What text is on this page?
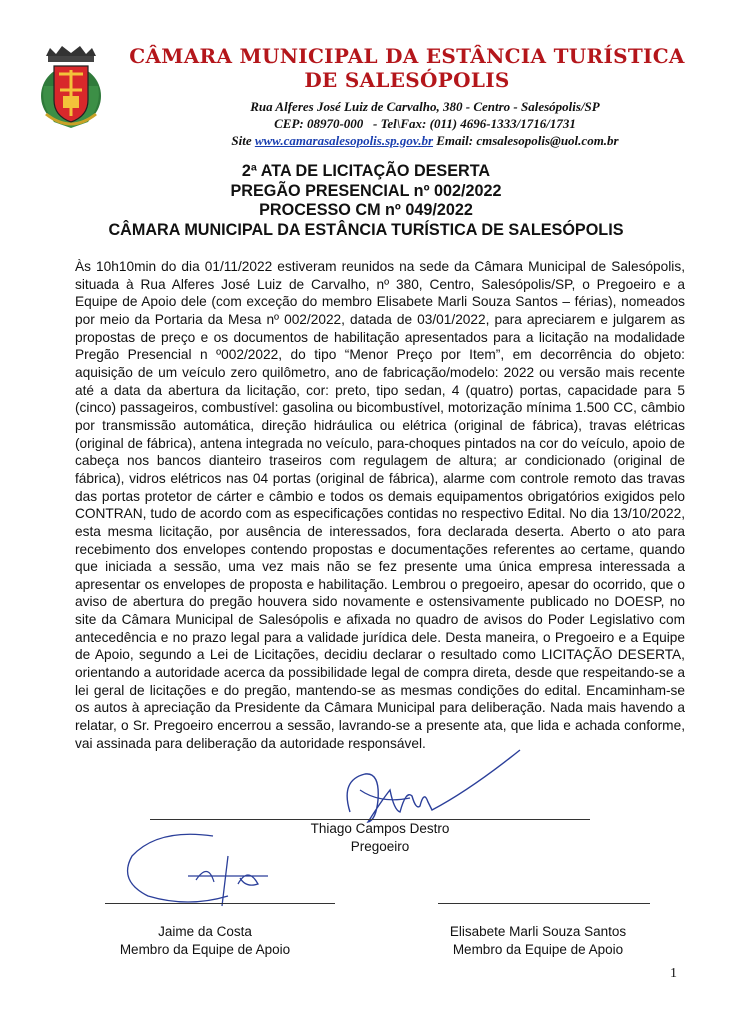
CÂMARA MUNICIPAL DA ESTÂNCIA TURÍSTICA
DE SALESÓPOLIS
Rua Alferes José Luiz de Carvalho, 380 - Centro - Salesópolis/SP
CEP: 08970-000   - Tel\Fax: (011) 4696-1333/1716/1731
Site www.camarasalesopolis.sp.gov.br Email: cmsalesopolis@uol.com.br
2ª ATA DE LICITAÇÃO DESERTA
PREGÃO PRESENCIAL nº 002/2022
PROCESSO CM nº 049/2022
CÂMARA MUNICIPAL DA ESTÂNCIA TURÍSTICA DE SALESÓPOLIS

Às 10h10min do dia 01/11/2022 estiveram reunidos na sede da Câmara Municipal de Salesópolis, situada à Rua Alferes José Luiz de Carvalho, nº 380, Centro, Salesópolis/SP, o Pregoeiro e a Equipe de Apoio dele (com exceção do membro Elisabete Marli Souza Santos – férias), nomeados por meio da Portaria da Mesa nº 002/2022, datada de 03/01/2022, para apreciarem e julgarem as propostas de preço e os documentos de habilitação apresentados para a licitação na modalidade Pregão Presencial n º002/2022, do tipo “Menor Preço por Item”, em decorrência do objeto: aquisição de um veículo zero quilômetro, ano de fabricação/modelo: 2022 ou versão mais recente até a data da abertura da licitação, cor: preto, tipo sedan, 4 (quatro) portas, capacidade para 5 (cinco) passageiros, combustível: gasolina ou bicombustível, motorização mínima 1.500 CC, câmbio por transmissão automática, direção hidráulica ou elétrica (original de fábrica), travas elétricas (original de fábrica), antena integrada no veículo, para-choques pintados na cor do veículo, apoio de cabeça nos bancos dianteiro traseiros com regulagem de altura; ar condicionado (original de fábrica), vidros elétricos nas 04 portas (original de fábrica), alarme com controle remoto das travas das portas protetor de cárter e câmbio e todos os demais equipamentos obrigatórios exigidos pelo CONTRAN, tudo de acordo com as especificações contidas no respectivo Edital. No dia 13/10/2022, esta mesma licitação, por ausência de interessados, fora declarada deserta. Aberto o ato para recebimento dos envelopes contendo propostas e documentações referentes ao certame, quando que iniciada a sessão, uma vez mais não se fez presente uma única empresa interessada a apresentar os envelopes de proposta e habilitação. Lembrou o pregoeiro, apesar do ocorrido, que o aviso de abertura do pregão houvera sido novamente e ostensivamente publicado no DOESP, no site da Câmara Municipal de Salesópolis e afixada no quadro de avisos do Poder Legislativo com antecedência e no prazo legal para a validade jurídica dele. Desta maneira, o Pregoeiro e a Equipe de Apoio, segundo a Lei de Licitações, decidiu declarar o resultado como LICITAÇÃO DESERTA, orientando a autoridade acerca da possibilidade legal de compra direta, desde que respeitando-se a lei geral de licitações e do pregão, mantendo-se as mesmas condições do edital. Encaminham-se os autos à apreciação da Presidente da Câmara Municipal para deliberação. Nada mais havendo a relatar, o Sr. Pregoeiro encerrou a sessão, lavrando-se a presente ata, que lida e achada conforme, vai assinada para deliberação da autoridade responsável.

Thiago Campos Destro
Pregoeiro
Jaime da Costa
Membro da Equipe de Apoio
Elisabete Marli Souza Santos
Membro da Equipe de Apoio
1
